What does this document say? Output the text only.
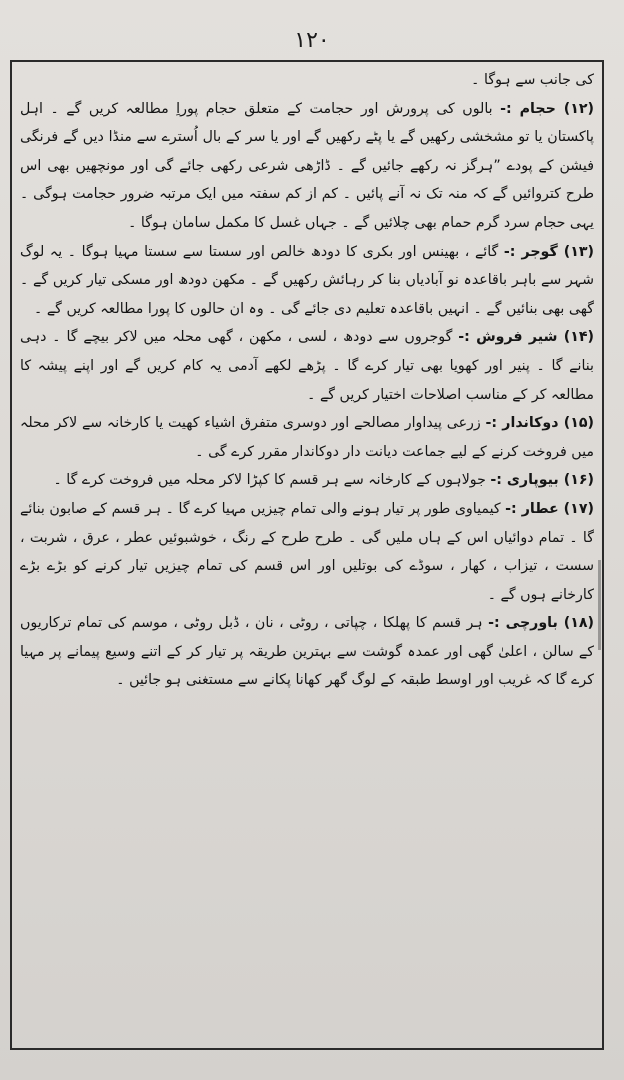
۱۲۰

کی جانب سے ہوگا ۔

(۱۲) حجام :- بالوں کی پرورش اور حجامت کے متعلق حجام پوراِ مطالعہ کریں گے ۔ اہل پاکستان یا تو مشخشی رکھیں گے یا پٹے رکھیں گے اور یا سر کے بال اُسترے سے منڈا دیں گے فرنگی فیشن کے پودے ”ہرگز نہ رکھے جائیں گے ۔ ڈاڑھی شرعی رکھی جائے گی اور مونچھیں بھی اس طرح کتروائیں گے کہ منہ تک نہ آنے پائیں ۔ کم از کم سفتہ میں ایک مرتبہ ضرور حجامت ہوگی ۔ یہی حجام سرد گرم حمام بھی چلائیں گے ۔ جہاں غسل کا مکمل سامان ہوگا ۔

(۱۳) گوجر :- گائے ، بھینس اور بکری کا دودھ خالص اور سستا سے سستا مہیا ہوگا ۔ یہ لوگ شہر سے باہر باقاعدہ نو آبادیاں بنا کر رہائش رکھیں گے ۔ مکھن دودھ اور مسکی تیار کریں گے ۔ گھی بھی بنائیں گے ۔ انہیں باقاعدہ تعلیم دی جائے گی ۔ وہ ان حالوں کا پورا مطالعہ کریں گے ۔

(۱۴) شیر فروش :- گوجروں سے دودھ ، لسی ، مکھن ، گھی محلہ میں لاکر بیچے گا ۔ دہی بنانے گا ۔ پنیر اور کھویا بھی تیار کرے گا ۔ پڑھے لکھے آدمی یہ کام کریں گے اور اپنے پیشہ کا مطالعہ کر کے مناسب اصلاحات اختیار کریں گے ۔

(۱۵) دوکاندار :- زرعی پیداوار مصالحے اور دوسری متفرق اشیاء کھیت یا کارخانہ سے لاکر محلہ میں فروخت کرنے کے لیے جماعت دیانت دار دوکاندار مقرر کرے گی ۔

(۱۶) بیوپاری :- جولاہوں کے کارخانہ سے ہر قسم کا کپڑا لاکر محلہ میں فروخت کرے گا ۔

(۱۷) عطار :- کیمیاوی طور پر تیار ہونے والی تمام چیزیں مہیا کرے گا ۔ ہر قسم کے صابون بنائے گا ۔ تمام دوائیاں اس کے ہاں ملیں گی ۔ طرح طرح کے رنگ ، خوشبوئیں عطر ، عرق ، شربت ، سست ، تیزاب ، کھار ، سوڈے کی بوتلیں اور اس قسم کی تمام چیزیں تیار کرنے کو بڑے بڑے کارخانے ہوں گے ۔

(۱۸) باورچی :- ہر قسم کا پھلکا ، چپاتی ، روٹی ، نان ، ڈبل روٹی ، موسم کی تمام ترکاریوں کے سالن ، اعلیٰ گھی اور عمدہ گوشت سے بہترین طریقہ پر تیار کر کے اتنے وسیع پیمانے پر مہیا کرے گا کہ غریب اور اوسط طبقہ کے لوگ گھر کھانا پکانے سے مستغنی ہو جائیں ۔
